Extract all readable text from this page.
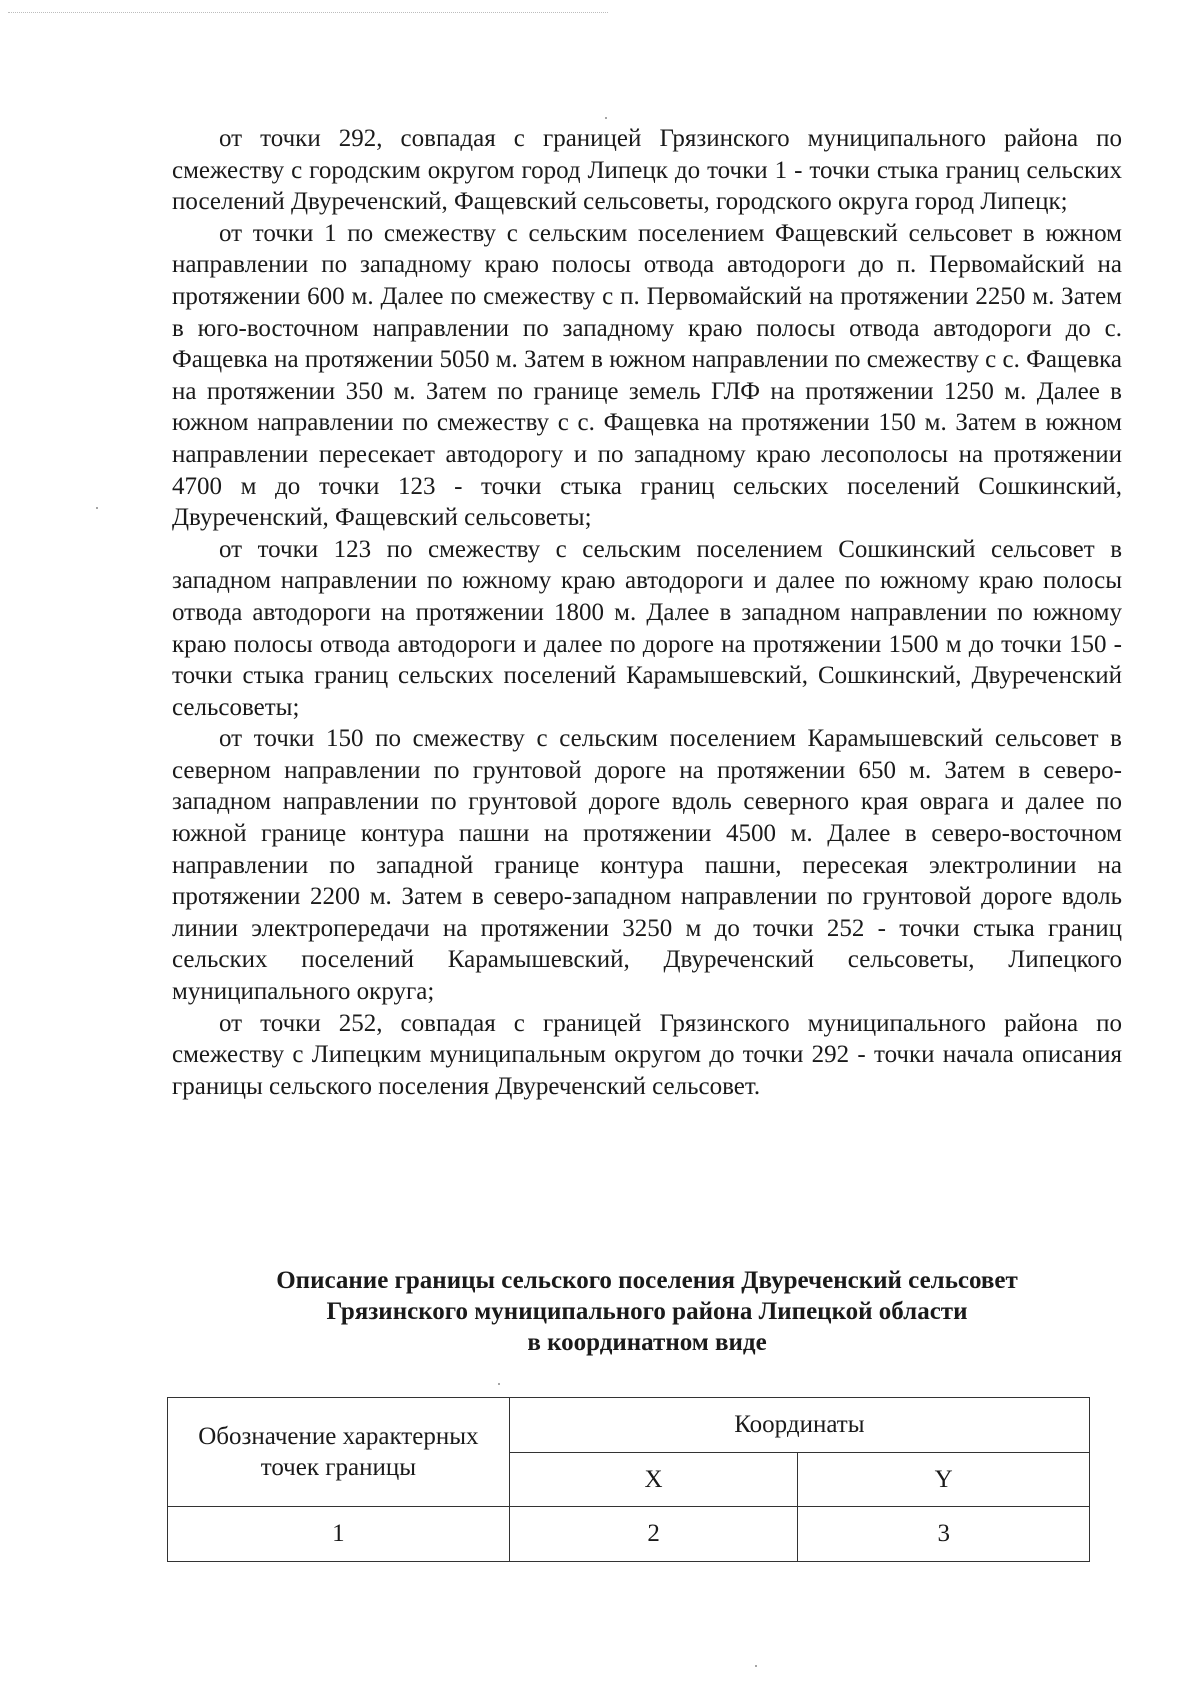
от точки 292, совпадая с границей Грязинского муниципального района по смежеству с городским округом город Липецк до точки 1 - точки стыка границ сельских поселений Двуреченский, Фащевский сельсоветы, городского округа город Липецк;

от точки 1 по смежеству с сельским поселением Фащевский сельсовет в южном направлении по западному краю полосы отвода автодороги до п. Первомайский на протяжении 600 м. Далее по смежеству с п. Первомайский на протяжении 2250 м. Затем в юго-восточном направлении по западному краю полосы отвода автодороги до с. Фащевка на протяжении 5050 м. Затем в южном направлении по смежеству с с. Фащевка на протяжении 350 м. Затем по границе земель ГЛФ на протяжении 1250 м. Далее в южном направлении по смежеству с с. Фащевка на протяжении 150 м. Затем в южном направлении пересекает автодорогу и по западному краю лесополосы на протяжении 4700 м до точки 123 - точки стыка границ сельских поселений Сошкинский, Двуреченский, Фащевский сельсоветы;

от точки 123 по смежеству с сельским поселением Сошкинский сельсовет в западном направлении по южному краю автодороги и далее по южному краю полосы отвода автодороги на протяжении 1800 м. Далее в западном направлении по южному краю полосы отвода автодороги и далее по дороге на протяжении 1500 м до точки 150 - точки стыка границ сельских поселений Карамышевский, Сошкинский, Двуреченский сельсоветы;

от точки 150 по смежеству с сельским поселением Карамышевский сельсовет в северном направлении по грунтовой дороге на протяжении 650 м. Затем в северо-западном направлении по грунтовой дороге вдоль северного края оврага и далее по южной границе контура пашни на протяжении 4500 м. Далее в северо-восточном направлении по западной границе контура пашни, пересекая электролинии на протяжении 2200 м. Затем в северо-западном направлении по грунтовой дороге вдоль линии электропередачи на протяжении 3250 м до точки 252 - точки стыка границ сельских поселений Карамышевский, Двуреченский сельсоветы, Липецкого муниципального округа;

от точки 252, совпадая с границей Грязинского муниципального района по смежеству с Липецким муниципальным округом до точки 292 - точки начала описания границы сельского поселения Двуреченский сельсовет.

Описание границы сельского поселения Двуреченский сельсовет
Грязинского муниципального района Липецкой области
в координатном виде
Обозначение характерных точек границы	Координаты	
	X	Y
1	2	3
